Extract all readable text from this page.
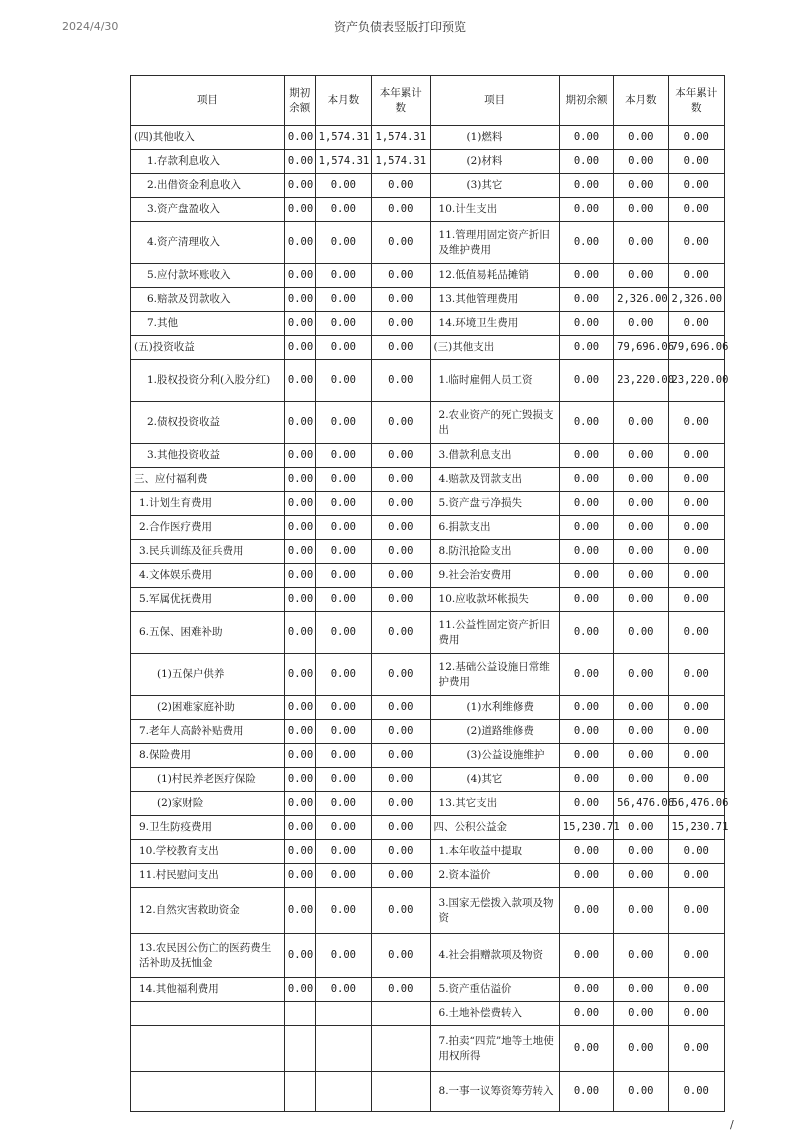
2024/4/30	资产负债表竖版打印预览
项目	期初余额	本月数	本年累计数	项目	期初余额	本月数	本年累计数
(四)其他收入	0.00	1,574.31	1,574.31	(1)燃料	0.00	0.00	0.00
1.存款利息收入	0.00	1,574.31	1,574.31	(2)材料	0.00	0.00	0.00
2.出借资金利息收入	0.00	0.00	0.00	(3)其它	0.00	0.00	0.00
3.资产盘盈收入	0.00	0.00	0.00	10.计生支出	0.00	0.00	0.00
4.资产清理收入	0.00	0.00	0.00	11.管理用固定资产折旧及维护费用	0.00	0.00	0.00
5.应付款坏账收入	0.00	0.00	0.00	12.低值易耗品摊销	0.00	0.00	0.00
6.赔款及罚款收入	0.00	0.00	0.00	13.其他管理费用	0.00	2,326.00	2,326.00
7.其他	0.00	0.00	0.00	14.环境卫生费用	0.00	0.00	0.00
(五)投资收益	0.00	0.00	0.00	(三)其他支出	0.00	79,696.06	79,696.06
1.股权投资分利(入股分红)	0.00	0.00	0.00	1.临时雇佣人员工资	0.00	23,220.00	23,220.00
2.债权投资收益	0.00	0.00	0.00	2.农业资产的死亡毁损支出	0.00	0.00	0.00
3.其他投资收益	0.00	0.00	0.00	3.借款利息支出	0.00	0.00	0.00
三、应付福利费	0.00	0.00	0.00	4.赔款及罚款支出	0.00	0.00	0.00
1.计划生育费用	0.00	0.00	0.00	5.资产盘亏净损失	0.00	0.00	0.00
2.合作医疗费用	0.00	0.00	0.00	6.捐款支出	0.00	0.00	0.00
3.民兵训练及征兵费用	0.00	0.00	0.00	8.防汛抢险支出	0.00	0.00	0.00
4.文体娱乐费用	0.00	0.00	0.00	9.社会治安费用	0.00	0.00	0.00
5.军属优抚费用	0.00	0.00	0.00	10.应收款坏帐损失	0.00	0.00	0.00
6.五保、困难补助	0.00	0.00	0.00	11.公益性固定资产折旧费用	0.00	0.00	0.00
(1)五保户供养	0.00	0.00	0.00	12.基础公益设施日常维护费用	0.00	0.00	0.00
(2)困难家庭补助	0.00	0.00	0.00	(1)水利维修费	0.00	0.00	0.00
7.老年人高龄补贴费用	0.00	0.00	0.00	(2)道路维修费	0.00	0.00	0.00
8.保险费用	0.00	0.00	0.00	(3)公益设施维护	0.00	0.00	0.00
(1)村民养老医疗保险	0.00	0.00	0.00	(4)其它	0.00	0.00	0.00
(2)家财险	0.00	0.00	0.00	13.其它支出	0.00	56,476.06	56,476.06
9.卫生防疫费用	0.00	0.00	0.00	四、公积公益金	15,230.71	0.00	15,230.71
10.学校教育支出	0.00	0.00	0.00	1.本年收益中提取	0.00	0.00	0.00
11.村民慰问支出	0.00	0.00	0.00	2.资本溢价	0.00	0.00	0.00
12.自然灾害救助资金	0.00	0.00	0.00	3.国家无偿拨入款项及物资	0.00	0.00	0.00
13.农民因公伤亡的医药费生活补助及抚恤金	0.00	0.00	0.00	4.社会捐赠款项及物资	0.00	0.00	0.00
14.其他福利费用	0.00	0.00	0.00	5.资产重估溢价	0.00	0.00	0.00
				6.土地补偿费转入	0.00	0.00	0.00
				7.拍卖“四荒”地等土地使用权所得	0.00	0.00	0.00
				8.一事一议筹资筹劳转入	0.00	0.00	0.00
/
